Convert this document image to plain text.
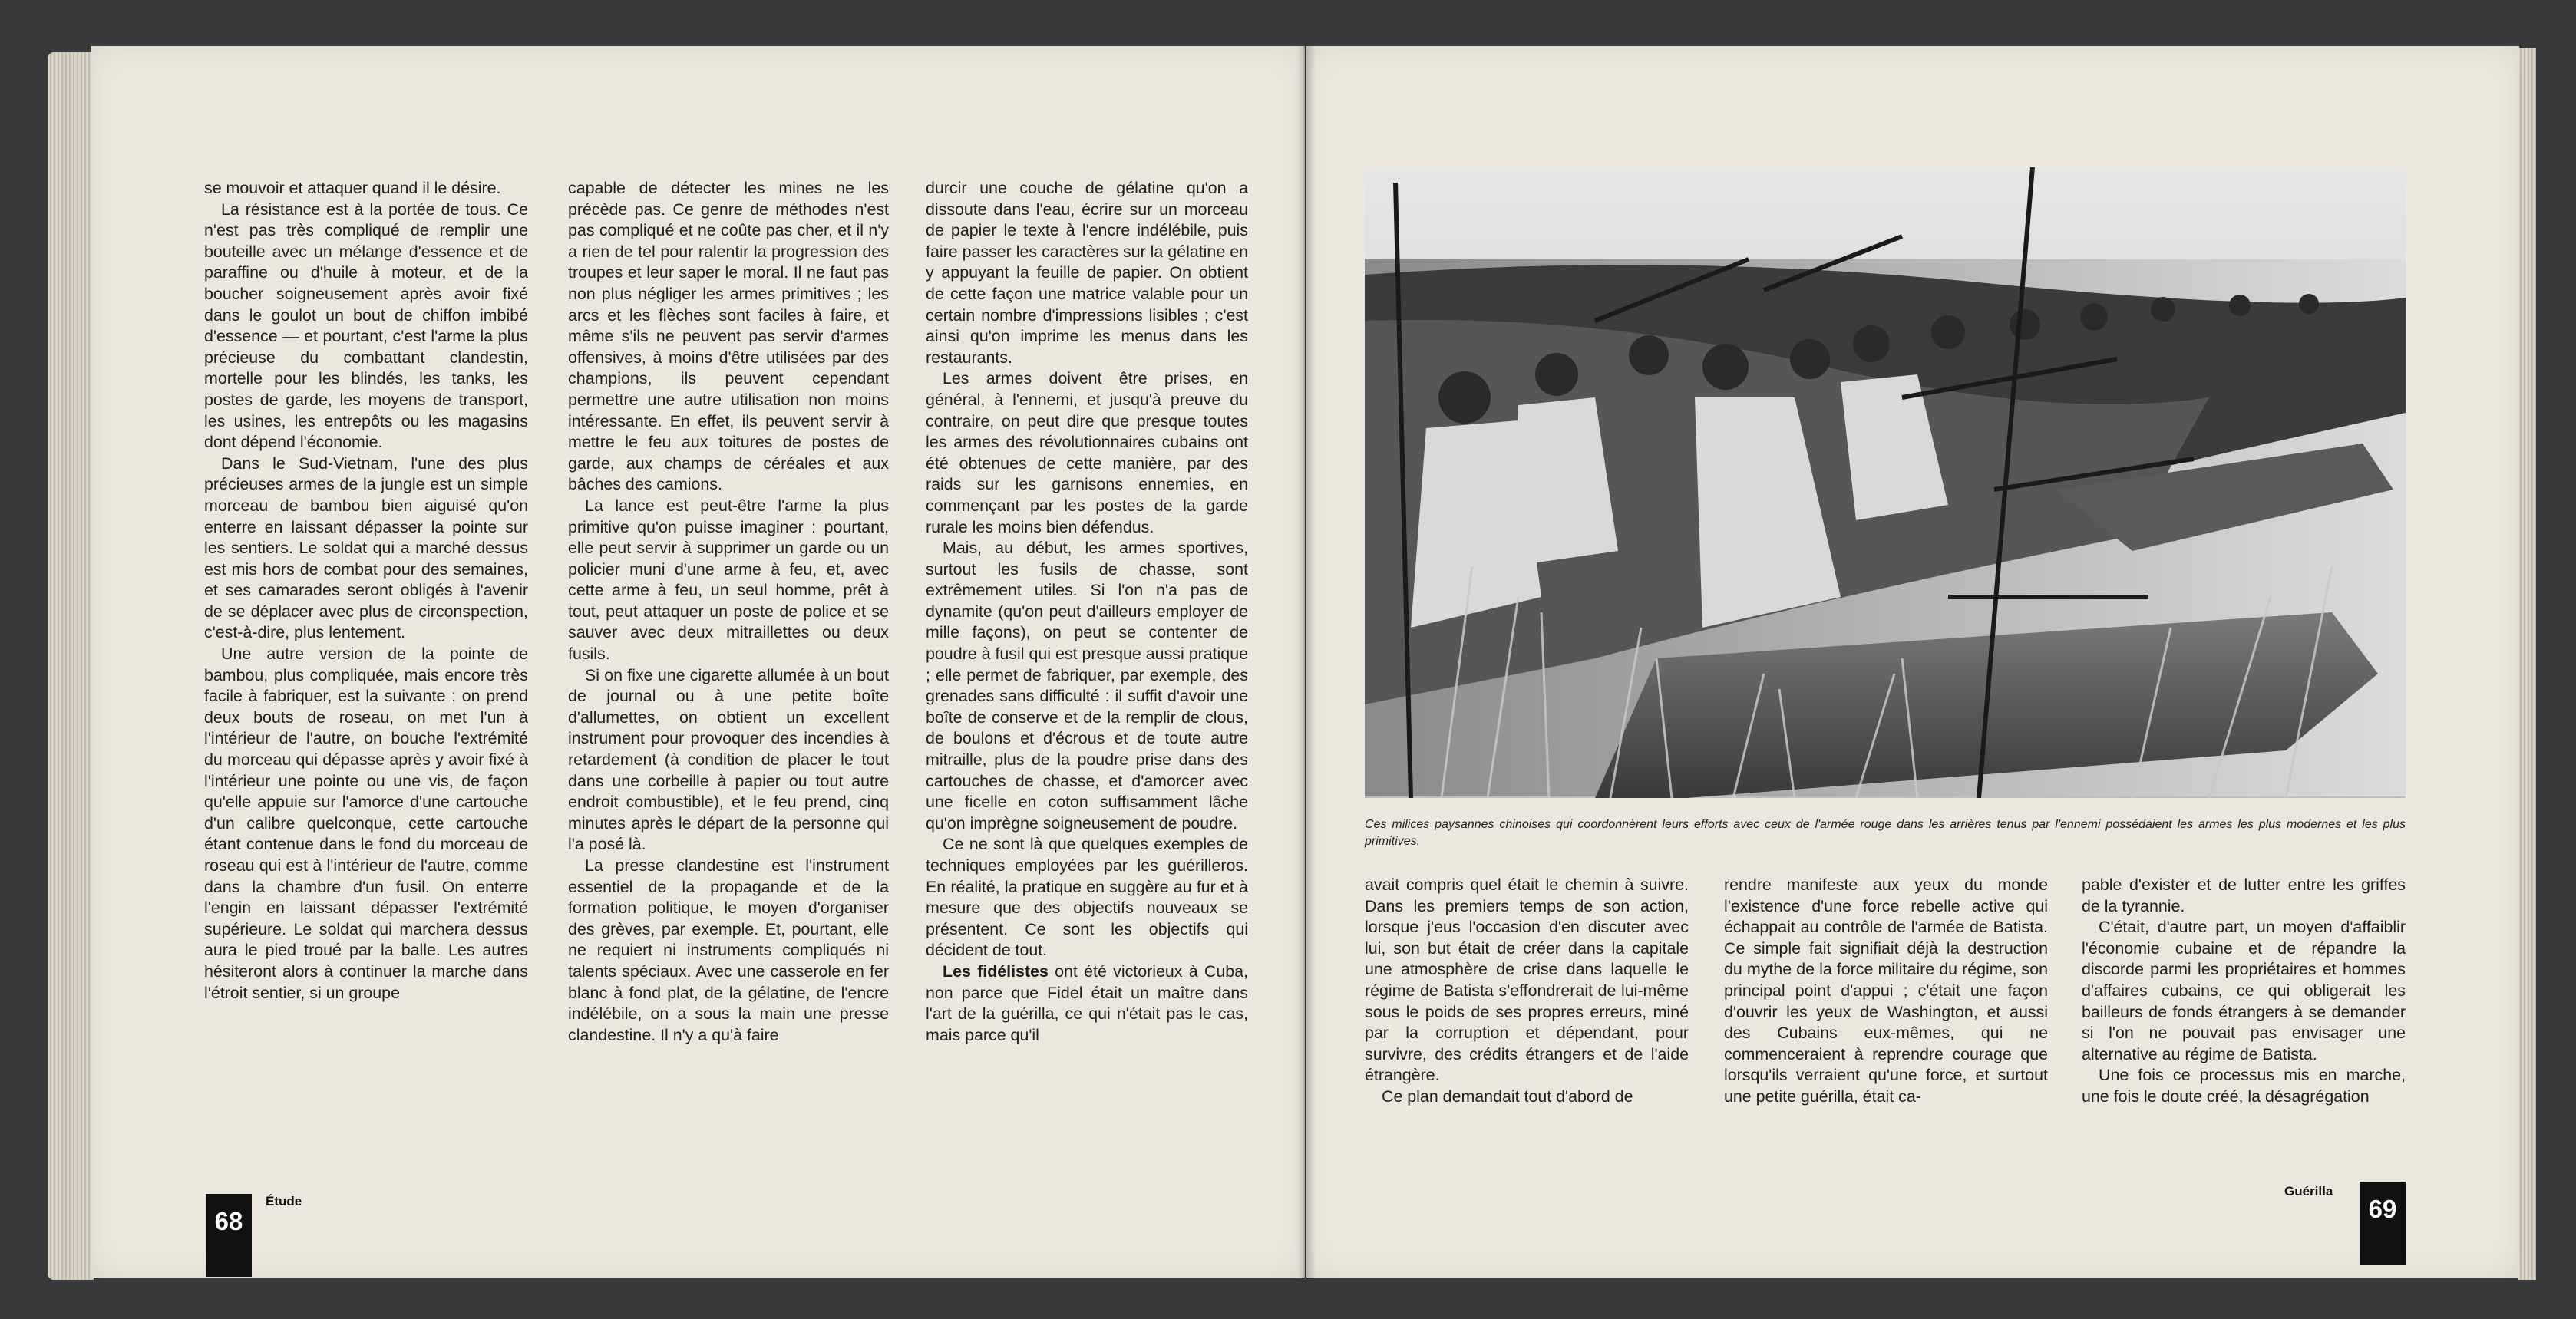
se mouvoir et attaquer quand il le désire.

La résistance est à la portée de tous. Ce n'est pas très compliqué de remplir une bouteille avec un mélange d'essence et de paraffine ou d'huile à moteur, et de la boucher soigneusement après avoir fixé dans le goulot un bout de chiffon imbibé d'essence — et pourtant, c'est l'arme la plus précieuse du combattant clandestin, mortelle pour les blindés, les tanks, les postes de garde, les moyens de transport, les usines, les entrepôts ou les magasins dont dépend l'économie.

Dans le Sud-Vietnam, l'une des plus précieuses armes de la jungle est un simple morceau de bambou bien aiguisé qu'on enterre en laissant dépasser la pointe sur les sentiers. Le soldat qui a marché dessus est mis hors de combat pour des semaines, et ses camarades seront obligés à l'avenir de se déplacer avec plus de circonspection, c'est-à-dire, plus lentement.

Une autre version de la pointe de bambou, plus compliquée, mais encore très facile à fabriquer, est la suivante : on prend deux bouts de roseau, on met l'un à l'intérieur de l'autre, on bouche l'extrémité du morceau qui dépasse après y avoir fixé à l'intérieur une pointe ou une vis, de façon qu'elle appuie sur l'amorce d'une cartouche d'un calibre quelconque, cette cartouche étant contenue dans le fond du morceau de roseau qui est à l'intérieur de l'autre, comme dans la chambre d'un fusil. On enterre l'engin en laissant dépasser l'extrémité supérieure. Le soldat qui marchera dessus aura le pied troué par la balle. Les autres hésiteront alors à continuer la marche dans l'étroit sentier, si un groupe

capable de détecter les mines ne les précède pas. Ce genre de méthodes n'est pas compliqué et ne coûte pas cher, et il n'y a rien de tel pour ralentir la progression des troupes et leur saper le moral. Il ne faut pas non plus négliger les armes primitives ; les arcs et les flèches sont faciles à faire, et même s'ils ne peuvent pas servir d'armes offensives, à moins d'être utilisées par des champions, ils peuvent cependant permettre une autre utilisation non moins intéressante. En effet, ils peuvent servir à mettre le feu aux toitures de postes de garde, aux champs de céréales et aux bâches des camions.

La lance est peut-être l'arme la plus primitive qu'on puisse imaginer : pourtant, elle peut servir à supprimer un garde ou un policier muni d'une arme à feu, et, avec cette arme à feu, un seul homme, prêt à tout, peut attaquer un poste de police et se sauver avec deux mitraillettes ou deux fusils.

Si on fixe une cigarette allumée à un bout de journal ou à une petite boîte d'allumettes, on obtient un excellent instrument pour provoquer des incendies à retardement (à condition de placer le tout dans une corbeille à papier ou tout autre endroit combustible), et le feu prend, cinq minutes après le départ de la personne qui l'a posé là.

La presse clandestine est l'instrument essentiel de la propagande et de la formation politique, le moyen d'organiser des grèves, par exemple. Et, pourtant, elle ne requiert ni instruments compliqués ni talents spéciaux. Avec une casserole en fer blanc à fond plat, de la gélatine, de l'encre indélébile, on a sous la main une presse clandestine. Il n'y a qu'à faire

durcir une couche de gélatine qu'on a dissoute dans l'eau, écrire sur un morceau de papier le texte à l'encre indélébile, puis faire passer les caractères sur la gélatine en y appuyant la feuille de papier. On obtient de cette façon une matrice valable pour un certain nombre d'impressions lisibles ; c'est ainsi qu'on imprime les menus dans les restaurants.

Les armes doivent être prises, en général, à l'ennemi, et jusqu'à preuve du contraire, on peut dire que presque toutes les armes des révolutionnaires cubains ont été obtenues de cette manière, par des raids sur les garnisons ennemies, en commençant par les postes de la garde rurale les moins bien défendus.

Mais, au début, les armes sportives, surtout les fusils de chasse, sont extrêmement utiles. Si l'on n'a pas de dynamite (qu'on peut d'ailleurs employer de mille façons), on peut se contenter de poudre à fusil qui est presque aussi pratique ; elle permet de fabriquer, par exemple, des grenades sans difficulté : il suffit d'avoir une boîte de conserve et de la remplir de clous, de boulons et d'écrous et de toute autre mitraille, plus de la poudre prise dans des cartouches de chasse, et d'amorcer avec une ficelle en coton suffisamment lâche qu'on imprègne soigneusement de poudre.

Ce ne sont là que quelques exemples de techniques employées par les guérilleros. En réalité, la pratique en suggère au fur et à mesure que des objectifs nouveaux se présentent. Ce sont les objectifs qui décident de tout.

Les fidélistes ont été victorieux à Cuba, non parce que Fidel était un maître dans l'art de la guérilla, ce qui n'était pas le cas, mais parce qu'il

Ces milices paysannes chinoises qui coordonnèrent leurs efforts avec ceux de l'armée rouge dans les arrières tenus par l'ennemi possédaient les armes les plus modernes et les plus primitives.

avait compris quel était le chemin à suivre. Dans les premiers temps de son action, lorsque j'eus l'occasion d'en discuter avec lui, son but était de créer dans la capitale une atmosphère de crise dans laquelle le régime de Batista s'effondrerait de lui-même sous le poids de ses propres erreurs, miné par la corruption et dépendant, pour survivre, des crédits étrangers et de l'aide étrangère.

Ce plan demandait tout d'abord de

rendre manifeste aux yeux du monde l'existence d'une force rebelle active qui échappait au contrôle de l'armée de Batista. Ce simple fait signifiait déjà la destruction du mythe de la force militaire du régime, son principal point d'appui ; c'était une façon d'ouvrir les yeux de Washington, et aussi des Cubains eux-mêmes, qui ne commenceraient à reprendre courage que lorsqu'ils verraient qu'une force, et surtout une petite guérilla, était ca-

pable d'exister et de lutter entre les griffes de la tyrannie.

C'était, d'autre part, un moyen d'affaiblir l'économie cubaine et de répandre la discorde parmi les propriétaires et hommes d'affaires cubains, ce qui obligerait les bailleurs de fonds étrangers à se demander si l'on ne pouvait pas envisager une alternative au régime de Batista.

Une fois ce processus mis en marche, une fois le doute créé, la désagrégation

68
Étude	69
Guérilla
